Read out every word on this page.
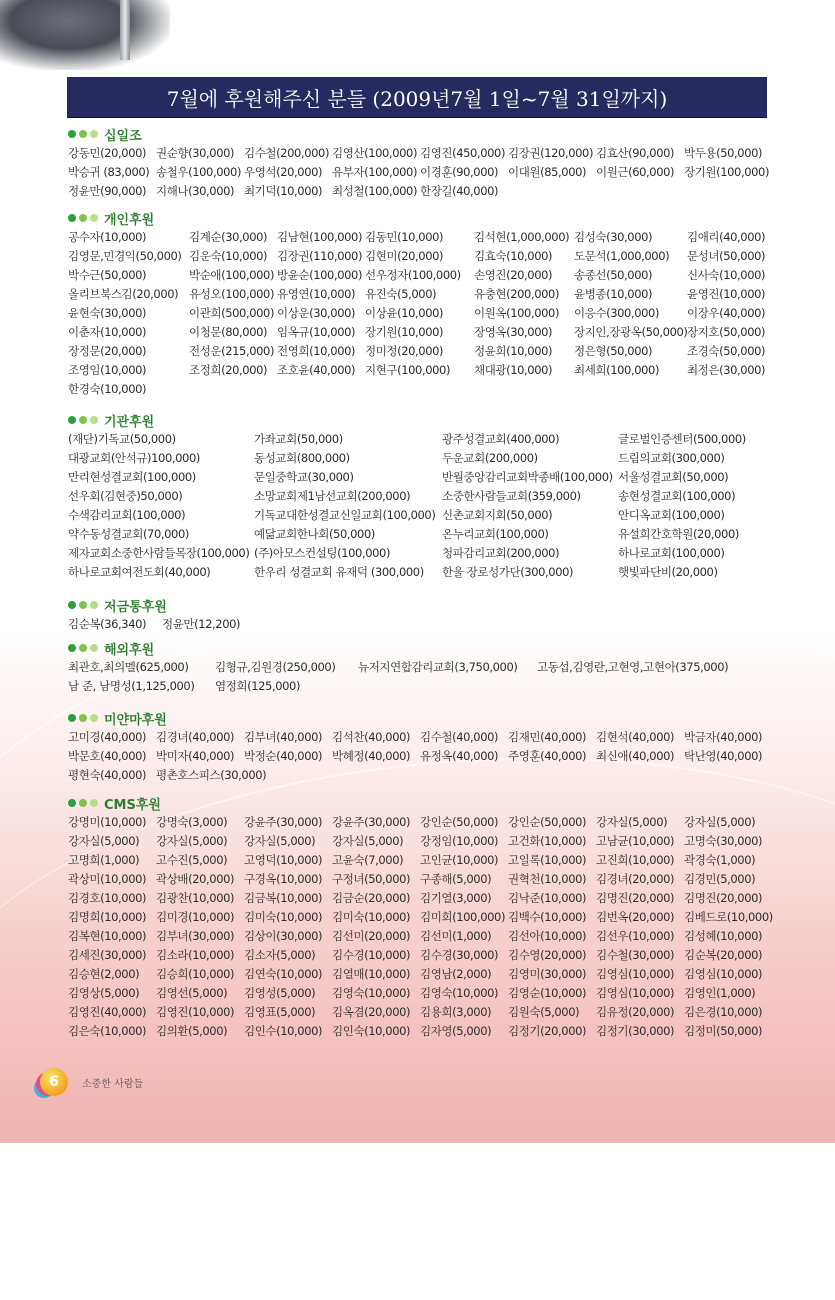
7월에 후원해주신 분들 (2009년7월 1일~7월 31일까지)
십일조
강동민(20,000) 권순향(30,000) 김수철(200,000) 김영산(100,000) 김영진(450,000) 김장권(120,000) 김효산(90,000) 박두용(50,000)
박승귀 (83,000) 송철우(100,000) 우영석(20,000) 유부자(100,000) 이경훈(90,000) 이대원(85,000) 이원근(60,000) 장기원(100,000)
정윤만(90,000) 지해나(30,000) 최기덕(10,000) 최성철(100,000) 한장길(40,000)
개인후원
공수자(10,000)	김계순(30,000) 김남현(100,000) 김동민(10,000)	김석현(1,000,000) 김성숙(30,000)	김애리(40,000)
김영문,민경익(50,000) 김운숙(10,000) 김장권(110,000) 김현미(20,000)	김효숙(10,000) 도문석(1,000,000) 문성녀(50,000)
박수근(50,000)	박순애(100,000) 방윤순(100,000) 선우정자(100,000) 손영진(20,000) 송종선(50,000)	신사숙(10,000)
올리브북스김(20,000) 유성오(100,000) 유영연(10,000) 유진숙(5,000)	유충현(200,000) 윤병종(10,000)	윤영진(10,000)
윤현숙(30,000)	이관희(500,000) 이상운(30,000) 이상윤(10,000)	이원옥(100,000) 이응수(300,000) 이장우(40,000)
이춘자(10,000)	이청문(80,000) 임옥규(10,000) 장기원(10,000)	장영옥(30,000) 장지인,장광옥(50,000) 장지호(50,000)
장정문(20,000)	전성운(215,000) 전영희(10,000) 정미정(20,000)	정윤희(10,000) 정은형(50,000)	조경숙(50,000)
조영임(10,000)	조정희(20,000) 조호윤(40,000) 지현구(100,000) 채대광(10,000) 최세희(100,000) 최정은(30,000)
한경숙(10,000)
기관후원
(재단)기독교(50,000)	가좌교회(50,000)	광주성결교회(400,000)	글로벌인증센터(500,000)
대광교회(안석규)100,000)	동성교회(800,000)	두운교회(200,000)	드림의교회(300,000)
만리현성결교회(100,000)	문일중학교(30,000)	반월중앙감리교회박종배(100,000) 서울성결교회(50,000)
선우회(김현중)50,000)	소망교회제1남선교회(200,000)	소중한사람들교회(359,000)	송현성결교회(100,000)
수색감리교회(100,000)	기독교대한성결교신일교회(100,000) 신촌교회지회(50,000)	안디옥교회(100,000)
약수동성결교회(70,000)	예닮교회한나회(50,000)	온누리교회(100,000)	유설희간호학원(20,000)
제자교회소중한사람들목장(100,000) (주)아모스컨설팅(100,000)	청파감리교회(200,000)	하나로교회(100,000)
하나로교회여전도회(40,000)	한우리 성결교회 유재덕 (300,000) 한울 장로성가단(300,000)	햇빛파단비(20,000)
저금통후원
김순복(36,340) 정윤만(12,200)
해외후원
최관호,최의멜(625,000) 김형규,김원경(250,000) 뉴저지연합감리교회(3,750,000) 고동섭,김영란,고현영,고현아(375,000)
남 준, 남명성(1,125,000) 염정희(125,000)
미얀마후원
고미경(40,000) 김경녀(40,000) 김부녀(40,000) 김석찬(40,000) 김수철(40,000) 김재민(40,000) 김현석(40,000) 박금자(40,000)
박문호(40,000) 박미자(40,000) 박정순(40,000) 박혜정(40,000) 유정옥(40,000) 주영훈(40,000) 최신애(40,000) 탁난영(40,000)
평현숙(40,000) 평촌호스피스(30,000)
CMS후원
강명미(10,000) 강명숙(3,000) 강윤주(30,000) 강윤주(30,000) 강인순(50,000) 강인순(50,000) 강자실(5,000) 강자실(5,000)
강자실(5,000) 강자실(5,000) 강자실(5,000) 강자실(5,000) 강정임(10,000) 고건화(10,000) 고남균(10,000) 고명숙(30,000)
고명희(1,000) 고수진(5,000) 고영덕(10,000) 고윤숙(7,000) 고인균(10,000) 고일록(10,000) 고진희(10,000) 곽경숙(1,000)
곽상미(10,000) 곽상배(20,000) 구경옥(10,000) 구정녀(50,000) 구종해(5,000) 권혁천(10,000) 김경녀(20,000) 김경민(5,000)
김경호(10,000) 김광찬(10,000) 김금복(10,000) 김금순(20,000) 김기열(3,000) 김낙준(10,000) 김명진(20,000) 김명진(20,000)
김명희(10,000) 김미경(10,000) 김미숙(10,000) 김미숙(10,000) 김미희(100,000) 김백수(10,000) 김번옥(20,000) 김베드로(10,000)
김복현(10,000) 김부녀(30,000) 김상이(30,000) 김선미(20,000) 김선미(1,000) 김선아(10,000) 김선우(10,000) 김성혜(10,000)
김세진(30,000) 김소라(10,000) 김소자(5,000) 김수경(10,000) 김수경(30,000) 김수영(20,000) 김수철(30,000) 김순복(20,000)
김승현(2,000) 김승희(10,000) 김연숙(10,000) 김열매(10,000) 김영남(2,000) 김영미(30,000) 김영심(10,000) 김영심(10,000)
김영상(5,000) 김영선(5,000) 김영성(5,000) 김영숙(10,000) 김영숙(10,000) 김영순(10,000) 김영심(10,000) 김영인(1,000)
김영진(40,000) 김영진(10,000) 김영표(5,000) 김옥겸(20,000) 김용희(3,000) 김원숙(5,000) 김유정(20,000) 김은경(10,000)
김은숙(10,000) 김의환(5,000) 김인수(10,000) 김인숙(10,000) 김자영(5,000) 김정기(20,000) 김정기(30,000) 김정미(50,000)
6	소중한 사람들
